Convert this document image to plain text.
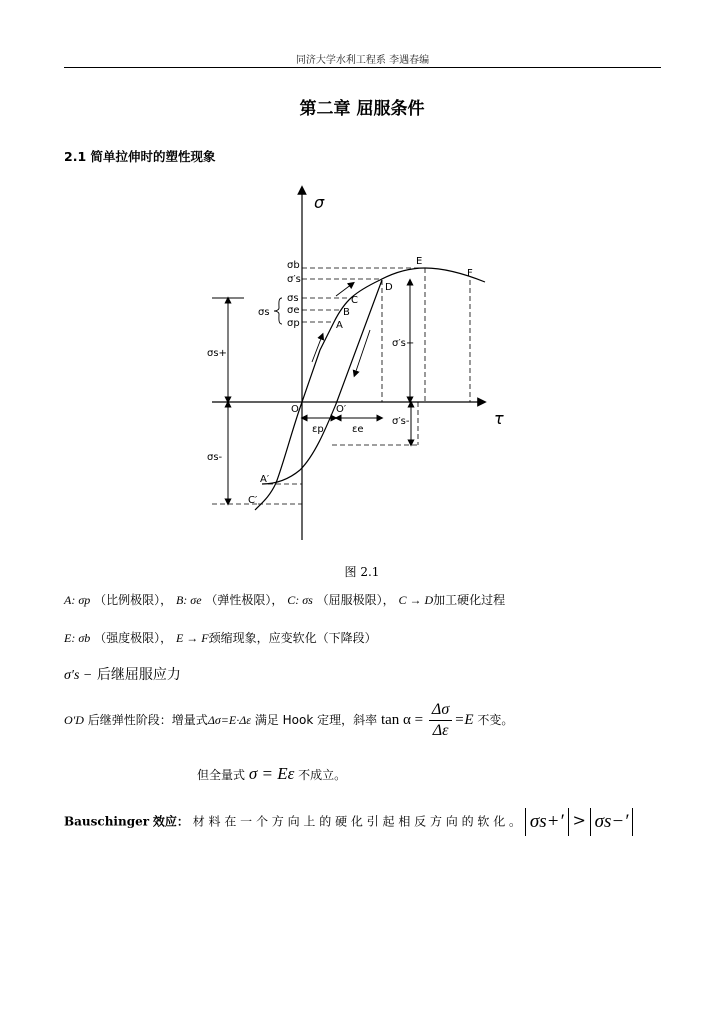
同济大学水利工程系 李遇春编
第二章 屈服条件
2.1 简单拉伸时的塑性现象
σ
τ
σb
σ′s
σs
σe
σp
σs
σs+
σs-
σ′s+
σ′s-
O	O′
A
B
C
D
E
F
A′
C′
εp	εe
图 2.1
A: σp （比例极限）， B: σe （弹性极限）， C: σs （屈服极限）， C → D加工硬化过程
E: σb （强度极限）， E → F颈缩现象，应变软化（下降段）
σ′s − 后继屈服应力
O′D 后继弹性阶段：增量式Δσ=E·Δε 满足 Hook 定理，斜率 $\tan \alpha = \frac{\Delta\sigma}{\Delta\varepsilon} =E$ 不变。
但全量式 σ = Eε 不成立。
Bauschinger 效应： 材 料 在 一 个 方 向 上 的 硬 化 引 起 相 反 方 向 的 软 化 。 σs+′ > σs−′
